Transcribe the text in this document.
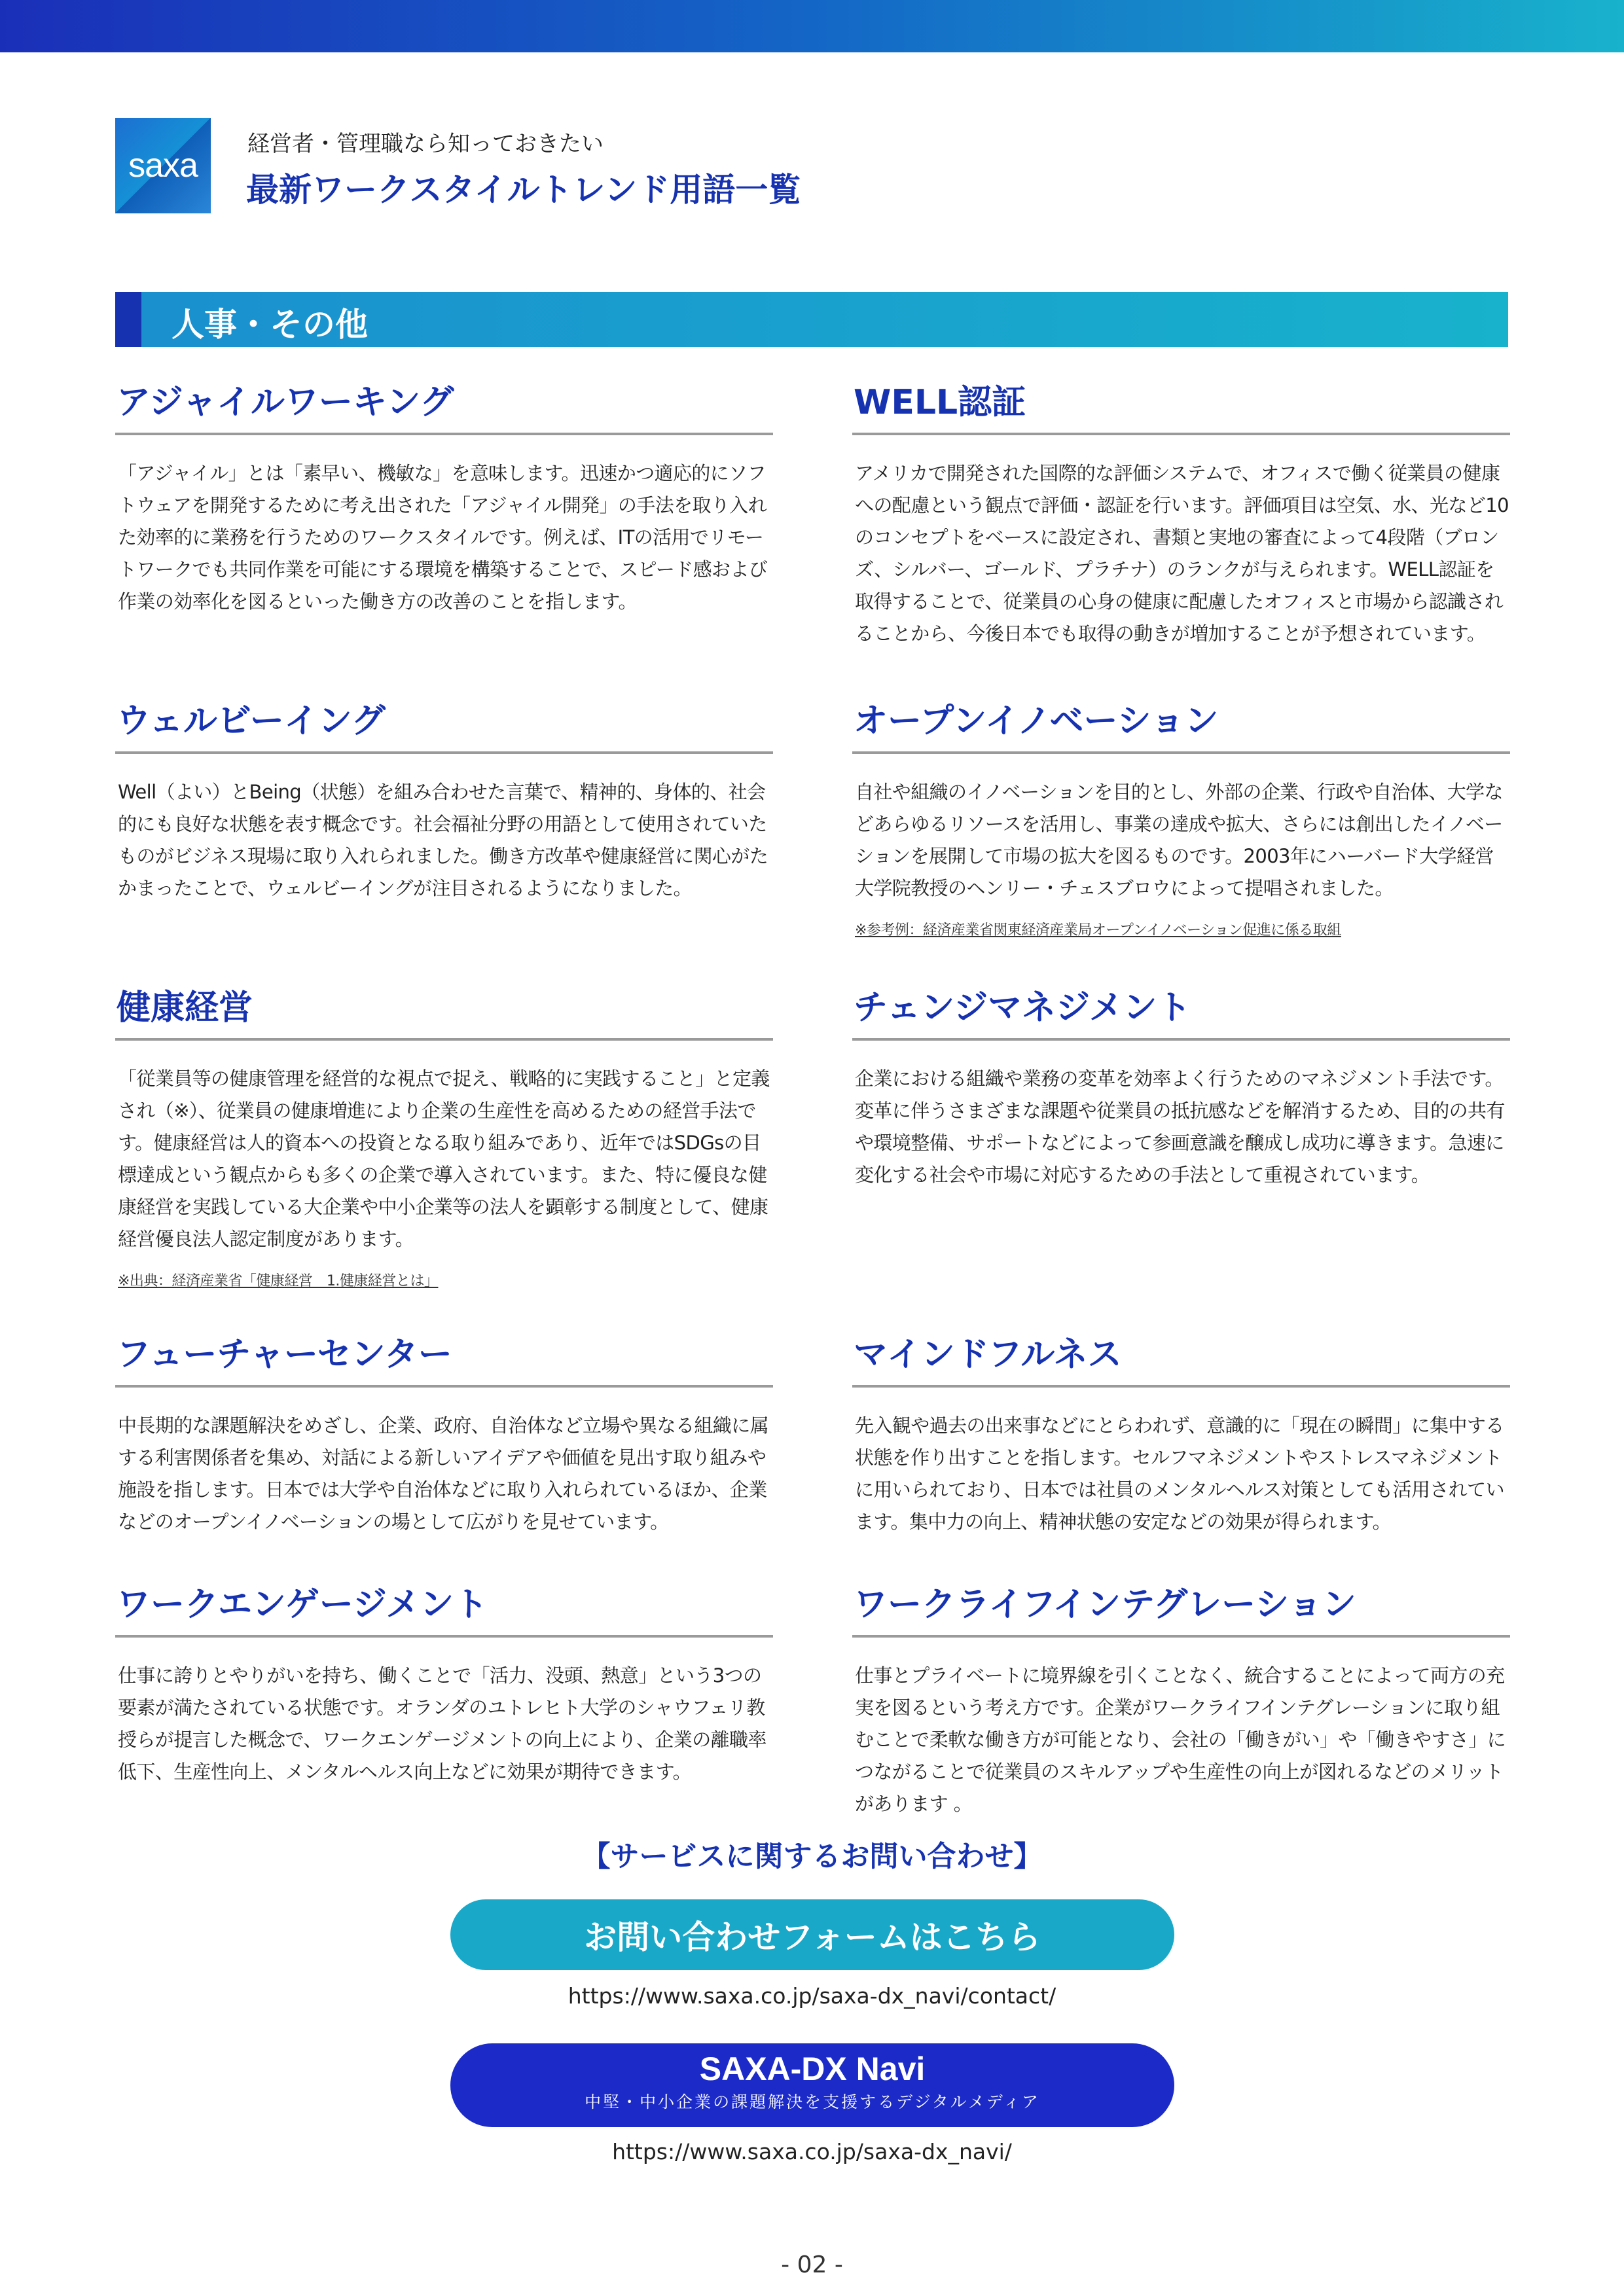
saxa
経営者・管理職なら知っておきたい
最新ワークスタイルトレンド用語一覧
人事・その他
アジャイルワーキング
「アジャイル」とは「素早い、機敏な」を意味します。迅速かつ適応的にソフトウェアを開発するために考え出された「アジャイル開発」の手法を取り入れた効率的に業務を行うためのワークスタイルです。例えば、ITの活用でリモートワークでも共同作業を可能にする環境を構築することで、スピード感および作業の効率化を図るといった働き方の改善のことを指します。
WELL認証
アメリカで開発された国際的な評価システムで、オフィスで働く従業員の健康への配慮という観点で評価・認証を行います。評価項目は空気、水、光など10のコンセプトをベースに設定され、書類と実地の審査によって4段階（ブロンズ、シルバー、ゴールド、プラチナ）のランクが与えられます。WELL認証を取得することで、従業員の心身の健康に配慮したオフィスと市場から認識されることから、今後日本でも取得の動きが増加することが予想されています。
ウェルビーイング
Well（よい）とBeing（状態）を組み合わせた言葉で、精神的、身体的、社会的にも良好な状態を表す概念です。社会福祉分野の用語として使用されていたものがビジネス現場に取り入れられました。働き方改革や健康経営に関心がたかまったことで、ウェルビーイングが注目されるようになりました。
オープンイノベーション
自社や組織のイノベーションを目的とし、外部の企業、行政や自治体、大学などあらゆるリソースを活用し、事業の達成や拡大、さらには創出したイノベーションを展開して市場の拡大を図るものです。2003年にハーバード大学経営大学院教授のヘンリー・チェスブロウによって提唱されました。
※参考例：経済産業省関東経済産業局オープンイノベーション促進に係る取組
健康経営
「従業員等の健康管理を経営的な視点で捉え、戦略的に実践すること」と定義され（※）、従業員の健康増進により企業の生産性を高めるための経営手法です。健康経営は人的資本への投資となる取り組みであり、近年ではSDGsの目標達成という観点からも多くの企業で導入されています。また、特に優良な健康経営を実践している大企業や中小企業等の法人を顕彰する制度として、健康経営優良法人認定制度があります。
※出典：経済産業省「健康経営　1.健康経営とは」
チェンジマネジメント
企業における組織や業務の変革を効率よく行うためのマネジメント手法です。変革に伴うさまざまな課題や従業員の抵抗感などを解消するため、目的の共有や環境整備、サポートなどによって参画意識を醸成し成功に導きます。急速に変化する社会や市場に対応するための手法として重視されています。
フューチャーセンター
中長期的な課題解決をめざし、企業、政府、自治体など立場や異なる組織に属する利害関係者を集め、対話による新しいアイデアや価値を見出す取り組みや施設を指します。日本では大学や自治体などに取り入れられているほか、企業などのオープンイノベーションの場として広がりを見せています。
マインドフルネス
先入観や過去の出来事などにとらわれず、意識的に「現在の瞬間」に集中する状態を作り出すことを指します。セルフマネジメントやストレスマネジメントに用いられており、日本では社員のメンタルヘルス対策としても活用されています。集中力の向上、精神状態の安定などの効果が得られます。
ワークエンゲージメント
仕事に誇りとやりがいを持ち、働くことで「活力、没頭、熱意」という3つの要素が満たされている状態です。オランダのユトレヒト大学のシャウフェリ教授らが提言した概念で、ワークエンゲージメントの向上により、企業の離職率低下、生産性向上、メンタルヘルス向上などに効果が期待できます。
ワークライフインテグレーション
仕事とプライベートに境界線を引くことなく、統合することによって両方の充実を図るという考え方です。企業がワークライフインテグレーションに取り組むことで柔軟な働き方が可能となり、会社の「働きがい」や「働きやすさ」につながることで従業員のスキルアップや生産性の向上が図れるなどのメリットがあります 。
【サービスに関するお問い合わせ】
お問い合わせフォームはこちら
https://www.saxa.co.jp/saxa-dx_navi/contact/
SAXA-DX Navi
中堅・中小企業の課題解決を支援するデジタルメディア
https://www.saxa.co.jp/saxa-dx_navi/
- 02 -
